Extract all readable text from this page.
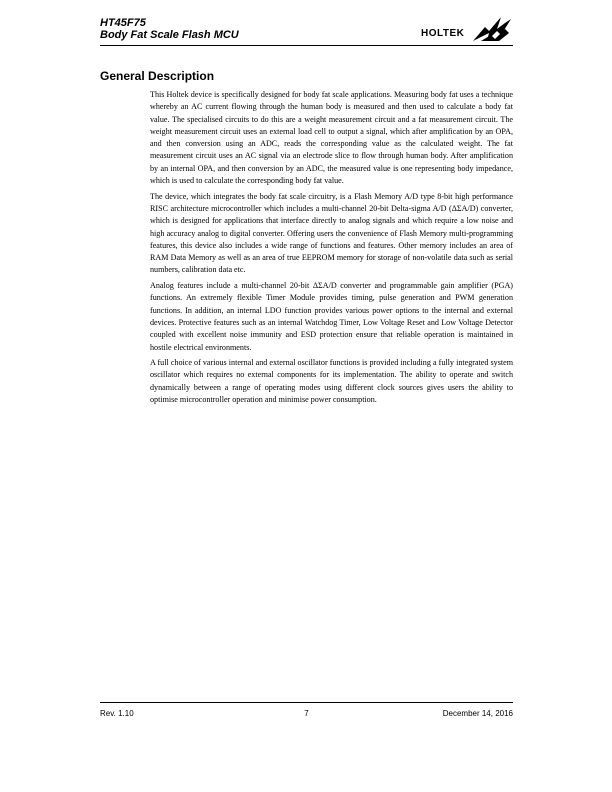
HT45F75
Body Fat Scale Flash MCU	HOLTEK
General Description

This Holtek device is specifically designed for body fat scale applications. Measuring body fat uses a technique whereby an AC current flowing through the human body is measured and then used to calculate a body fat value. The specialised circuits to do this are a weight measurement circuit and a fat measurement circuit. The weight measurement circuit uses an external load cell to output a signal, which after amplification by an OPA, and then conversion using an ADC, reads the corresponding value as the calculated weight. The fat measurement circuit uses an AC signal via an electrode slice to flow through human body. After amplification by an internal OPA, and then conversion by an ADC, the measured value is one representing body impedance, which is used to calculate the corresponding body fat value.

The device, which integrates the body fat scale circuitry, is a Flash Memory A/D type 8-bit high performance RISC architecture microcontroller which includes a multi-channel 20-bit Delta-sigma A/D (ΔΣA/D) converter, which is designed for applications that interface directly to analog signals and which require a low noise and high accuracy analog to digital converter. Offering users the convenience of Flash Memory multi-programming features, this device also includes a wide range of functions and features. Other memory includes an area of RAM Data Memory as well as an area of true EEPROM memory for storage of non-volatile data such as serial numbers, calibration data etc.

Analog features include a multi-channel 20-bit ΔΣA/D converter and programmable gain amplifier (PGA) functions. An extremely flexible Timer Module provides timing, pulse generation and PWM generation functions. In addition, an internal LDO function provides various power options to the internal and external devices. Protective features such as an internal Watchdog Timer, Low Voltage Reset and Low Voltage Detector coupled with excellent noise immunity and ESD protection ensure that reliable operation is maintained in hostile electrical environments.

A full choice of various internal and external oscillator functions is provided including a fully integrated system oscillator which requires no external components for its implementation. The ability to operate and switch dynamically between a range of operating modes using different clock sources gives users the ability to optimise microcontroller operation and minimise power consumption.

Rev. 1.10	7	December 14, 2016
